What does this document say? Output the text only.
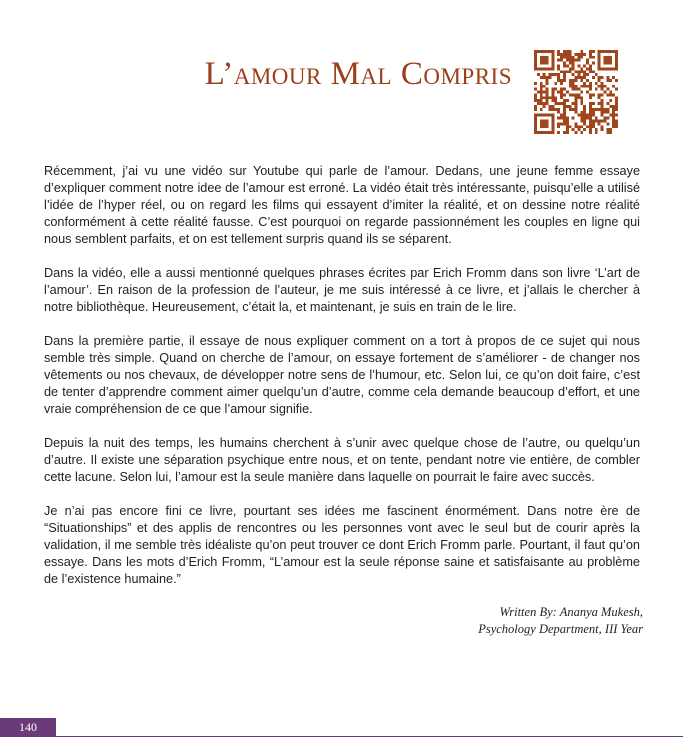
L’amour Mal Compris

Récemment, j’ai vu une vidéo sur Youtube qui parle de l’amour. Dedans, une jeune femme essaye d’expliquer comment notre idee de l’amour est erroné. La vidéo était très intéressante, puisqu’elle a utilisé l’idée de l’hyper réel, ou on regard les films qui essayent d’imiter la réalité, et on dessine notre réalité conformément à cette réalité fausse. C’est pourquoi on regarde passionnément les couples en ligne qui nous semblent parfaits, et on est tellement surpris quand ils se séparent.

Dans la vidéo, elle a aussi mentionné quelques phrases écrites par Erich Fromm dans son livre ‘L’art de l’amour’. En raison de la profession de l’auteur, je me suis intéressé à ce livre, et j’allais le chercher à notre bibliothèque. Heureusement, c’était la, et maintenant, je suis en train de le lire.

Dans la première partie, il essaye de nous expliquer comment on a tort à propos de ce sujet qui nous semble très simple. Quand on cherche de l’amour, on essaye fortement de s’améliorer - de changer nos vêtements ou nos chevaux, de développer notre sens de l’humour, etc. Selon lui, ce qu’on doit faire, c’est de tenter d’apprendre comment aimer quelqu’un d’autre, comme cela demande beaucoup d’effort, et une vraie compréhension de ce que l’amour signifie.

Depuis la nuit des temps, les humains cherchent à s’unir avec quelque chose de l’autre, ou quelqu’un d’autre. Il existe une séparation psychique entre nous, et on tente, pendant notre vie entière, de combler cette lacune. Selon lui, l’amour est la seule manière dans laquelle on pourrait le faire avec succès.

Je n’ai pas encore fini ce livre, pourtant ses idées me fascinent énormément. Dans notre ère de “Situationships” et des applis de rencontres ou les personnes vont avec le seul but de courir après la validation, il me semble très idéaliste qu’on peut trouver ce dont Erich Fromm parle. Pourtant, il faut qu’on essaye. Dans les mots d’Erich Fromm, “L’amour est la seule réponse saine et satisfaisante au problème de l’existence humaine.”

Written By: Ananya Mukesh,
Psychology Department, III Year
140
